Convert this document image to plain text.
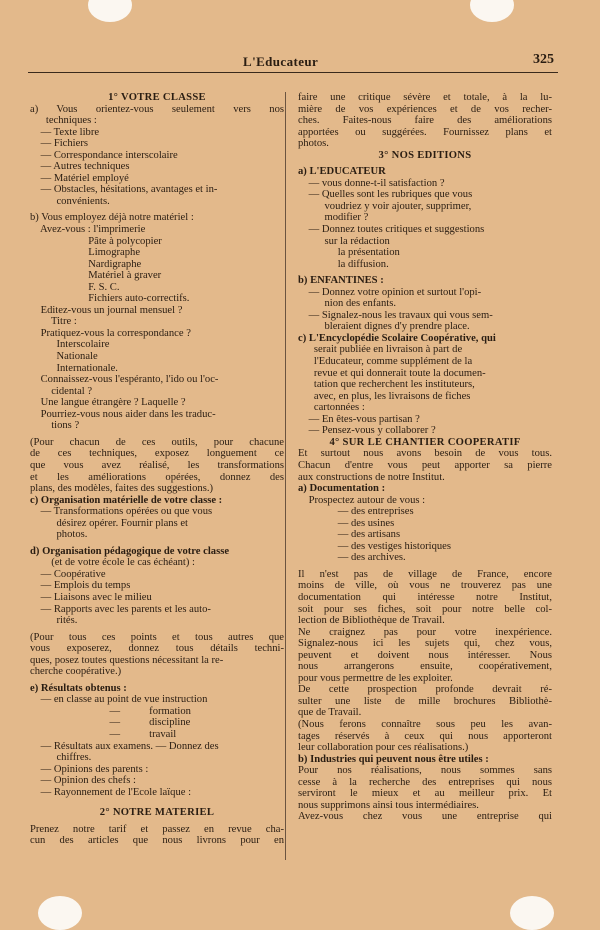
L'Educateur	325
1° VOTRE CLASSE
a) Vous orientez-vous seulement vers nos
techniques :
— Texte libre
— Fichiers
— Correspondance interscolaire
— Autres techniques
— Matériel employé
— Obstacles, hésitations, avantages et in-
convénients.
b) Vous employez déjà notre matériel :
Avez-vous : l'imprimerie
Pâte à polycopier
Limographe
Nardigraphe
Matériel à graver
F. S. C.
Fichiers auto-correctifs.
Editez-vous un journal mensuel ?
Titre :
Pratiquez-vous la correspondance ?
Interscolaire
Nationale
Internationale.
Connaissez-vous l'espéranto, l'ido ou l'oc-
cidental ?
Une langue étrangère ? Laquelle ?
Pourriez-vous nous aider dans les traduc-
tions ?
(Pour chacun de ces outils, pour chacune
de ces techniques, exposez longuement ce
que vous avez réalisé, les transformations
et les améliorations opérées, donnez des
plans, des modèles, faites des suggestions.)
c) Organisation matérielle de votre classe :
— Transformations opérées ou que vous
désirez opérer. Fournir plans et
photos.
d) Organisation pédagogique de votre classe
(et de votre école le cas échéant) :
— Coopérative
— Emplois du temps
— Liaisons avec le milieu
— Rapports avec les parents et les auto-
rités.
(Pour tous ces points et tous autres que
vous exposerez, donnez tous détails techni-
ques, posez toutes questions nécessitant la re-
cherche coopérative.)
e) Résultats obtenus :
— en classe au point de vue instruction
—           formation
—           discipline
—           travail
— Résultats aux examens. — Donnez des
chiffres.
— Opinions des parents :
— Opinion des chefs :
— Rayonnement de l'Ecole laïque :
2° NOTRE MATERIEL
Prenez notre tarif et passez en revue cha-
cun des articles que nous livrons pour en
faire une critique sévère et totale, à la lu-
mière de vos expériences et de vos recher-
ches. Faites-nous faire des améliorations
apportées ou suggérées. Fournissez plans et
photos.
3° NOS EDITIONS
a) L'EDUCATEUR
— vous donne-t-il satisfaction ?
— Quelles sont les rubriques que vous
voudriez y voir ajouter, supprimer,
modifier ?
— Donnez toutes critiques et suggestions
sur la rédaction
la présentation
la diffusion.
b) ENFANTINES :
— Donnez votre opinion et surtout l'opi-
nion des enfants.
— Signalez-nous les travaux qui vous sem-
bleraient dignes d'y prendre place.
c) L'Encyclopédie Scolaire Coopérative, qui
serait publiée en livraison à part de
l'Educateur, comme supplément de la
revue et qui donnerait toute la documen-
tation que recherchent les instituteurs,
avec, en plus, les livraisons de fiches
cartonnées :
— En êtes-vous partisan ?
— Pensez-vous y collaborer ?
4° SUR LE CHANTIER COOPERATIF
Et surtout nous avons besoin de vous tous.
Chacun d'entre vous peut apporter sa pierre
aux constructions de notre Institut.
a) Documentation :
Prospectez autour de vous :
— des entreprises
— des usines
— des artisans
— des vestiges historiques
— des archives.
Il n'est pas de village de France, encore
moins de ville, où vous ne trouverez pas une
documentation qui intéresse notre Institut,
soit pour ses fiches, soit pour notre belle col-
lection de Bibliothèque de Travail.
Ne craignez pas pour votre inexpérience.
Signalez-nous ici les sujets qui, chez vous,
peuvent et doivent nous intéresser. Nous
nous arrangerons ensuite, coopérativement,
pour vous permettre de les exploiter.
De cette prospection profonde devrait ré-
sulter une liste de mille brochures Bibliothè-
que de Travail.
(Nous ferons connaître sous peu les avan-
tages réservés à ceux qui nous apporteront
leur collaboration pour ces réalisations.)
b) Industries qui peuvent nous être utiles :
Pour nos réalisations, nous sommes sans
cesse à la recherche des entreprises qui nous
serviront le mieux et au meilleur prix. Et
nous supprimons ainsi tous intermédiaires.
Avez-vous chez vous une entreprise qui
